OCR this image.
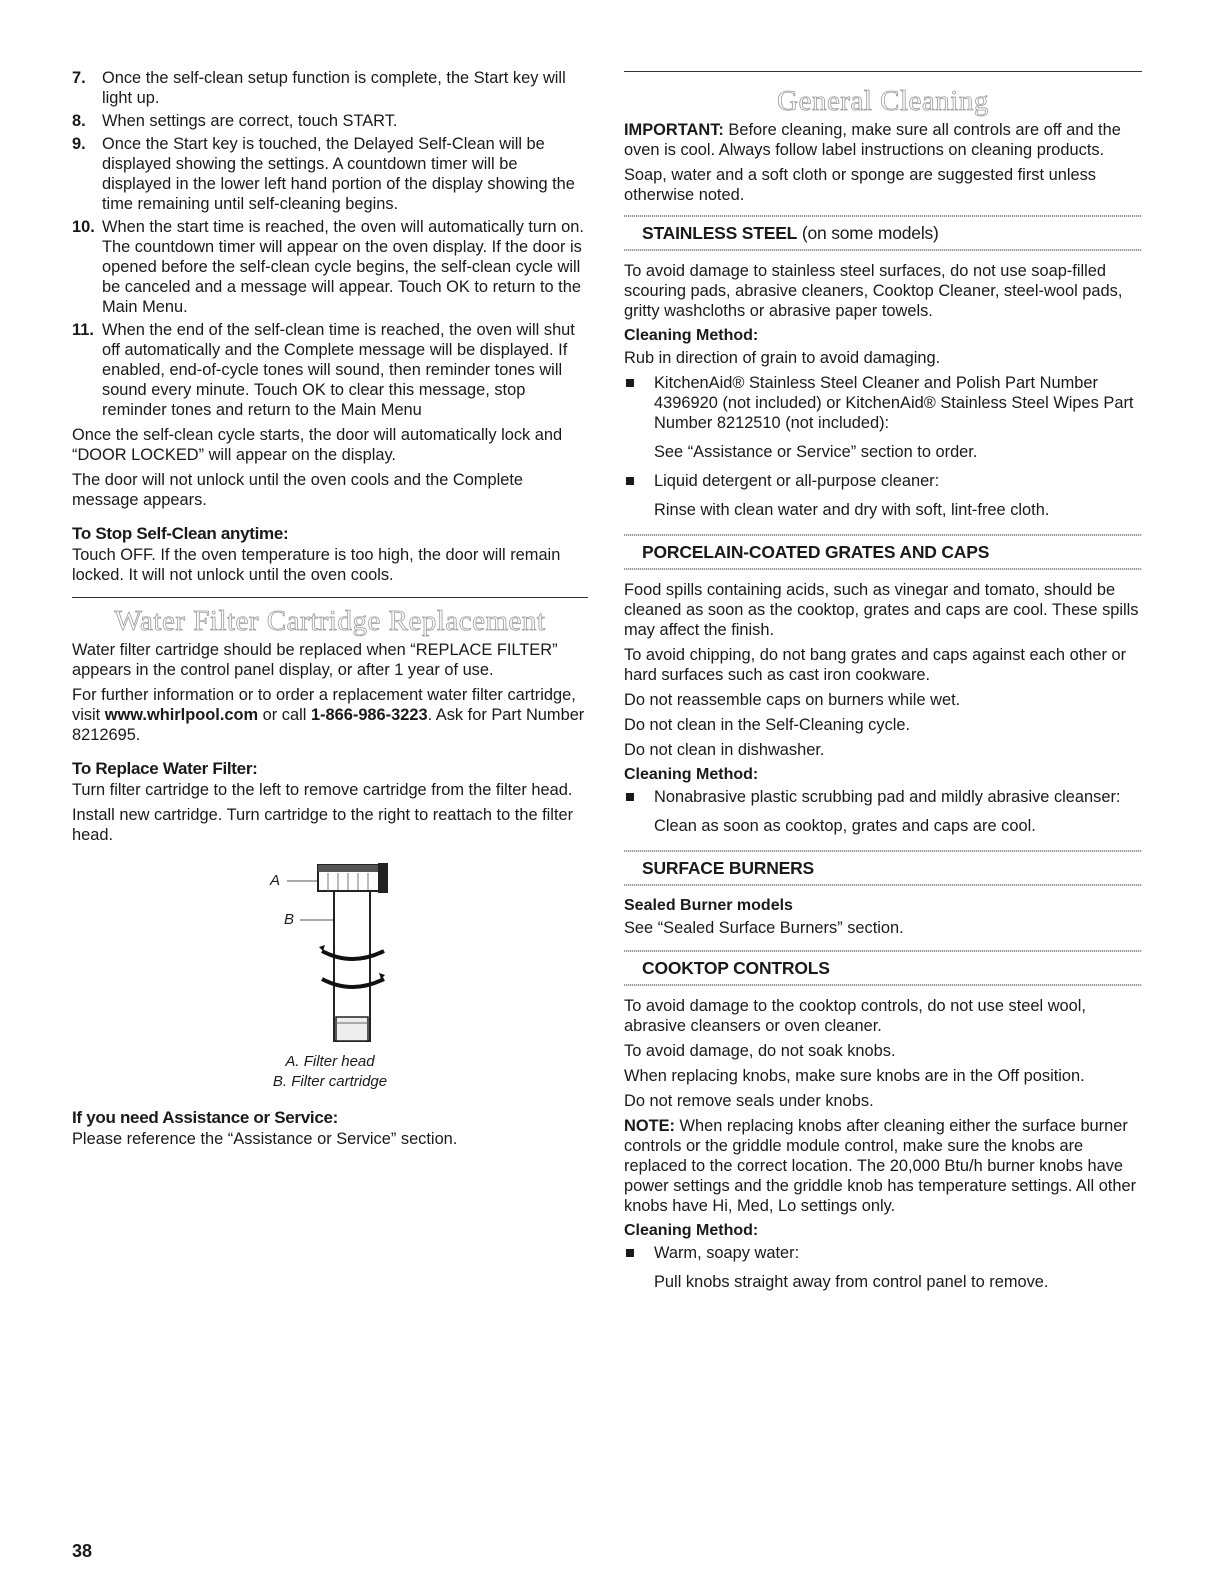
7. Once the self-clean setup function is complete, the Start key will light up.
8. When settings are correct, touch START.
9. Once the Start key is touched, the Delayed Self-Clean will be displayed showing the settings. A countdown timer will be displayed in the lower left hand portion of the display showing the time remaining until self-cleaning begins.
10. When the start time is reached, the oven will automatically turn on. The countdown timer will appear on the oven display. If the door is opened before the self-clean cycle begins, the self-clean cycle will be canceled and a message will appear. Touch OK to return to the Main Menu.
11. When the end of the self-clean time is reached, the oven will shut off automatically and the Complete message will be displayed. If enabled, end-of-cycle tones will sound, then reminder tones will sound every minute. Touch OK to clear this message, stop reminder tones and return to the Main Menu

Once the self-clean cycle starts, the door will automatically lock and “DOOR LOCKED” will appear on the display.

The door will not unlock until the oven cools and the Complete message appears.

To Stop Self-Clean anytime:

Touch OFF. If the oven temperature is too high, the door will remain locked. It will not unlock until the oven cools.

Water Filter Cartridge Replacement

Water filter cartridge should be replaced when “REPLACE FILTER” appears in the control panel display, or after 1 year of use.

For further information or to order a replacement water filter cartridge, visit www.whirlpool.com or call 1-866-986-3223. Ask for Part Number 8212695.

To Replace Water Filter:

Turn filter cartridge to the left to remove cartridge from the filter head.

Install new cartridge. Turn cartridge to the right to reattach to the filter head.

A
B
A. Filter head
B. Filter cartridge
If you need Assistance or Service:

Please reference the “Assistance or Service” section.

General Cleaning

IMPORTANT: Before cleaning, make sure all controls are off and the oven is cool. Always follow label instructions on cleaning products.

Soap, water and a soft cloth or sponge are suggested first unless otherwise noted.

STAINLESS STEEL (on some models)

To avoid damage to stainless steel surfaces, do not use soap-filled scouring pads, abrasive cleaners, Cooktop Cleaner, steel-wool pads, gritty washcloths or abrasive paper towels.

Cleaning Method:

Rub in direction of grain to avoid damaging.

KitchenAid® Stainless Steel Cleaner and Polish Part Number 4396920 (not included) or KitchenAid® Stainless Steel Wipes Part Number 8212510 (not included):
See “Assistance or Service” section to order.
Liquid detergent or all-purpose cleaner:
Rinse with clean water and dry with soft, lint-free cloth.
PORCELAIN-COATED GRATES AND CAPS

Food spills containing acids, such as vinegar and tomato, should be cleaned as soon as the cooktop, grates and caps are cool. These spills may affect the finish.

To avoid chipping, do not bang grates and caps against each other or hard surfaces such as cast iron cookware.

Do not reassemble caps on burners while wet.

Do not clean in the Self-Cleaning cycle.

Do not clean in dishwasher.

Cleaning Method:
Nonabrasive plastic scrubbing pad and mildly abrasive cleanser:
Clean as soon as cooktop, grates and caps are cool.
SURFACE BURNERS
Sealed Burner models

See “Sealed Surface Burners” section.

COOKTOP CONTROLS

To avoid damage to the cooktop controls, do not use steel wool, abrasive cleansers or oven cleaner.

To avoid damage, do not soak knobs.

When replacing knobs, make sure knobs are in the Off position.

Do not remove seals under knobs.

NOTE: When replacing knobs after cleaning either the surface burner controls or the griddle module control, make sure the knobs are replaced to the correct location. The 20,000 Btu/h burner knobs have power settings and the griddle knob has temperature settings. All other knobs have Hi, Med, Lo settings only.

Cleaning Method:
Warm, soapy water:
Pull knobs straight away from control panel to remove.
38
